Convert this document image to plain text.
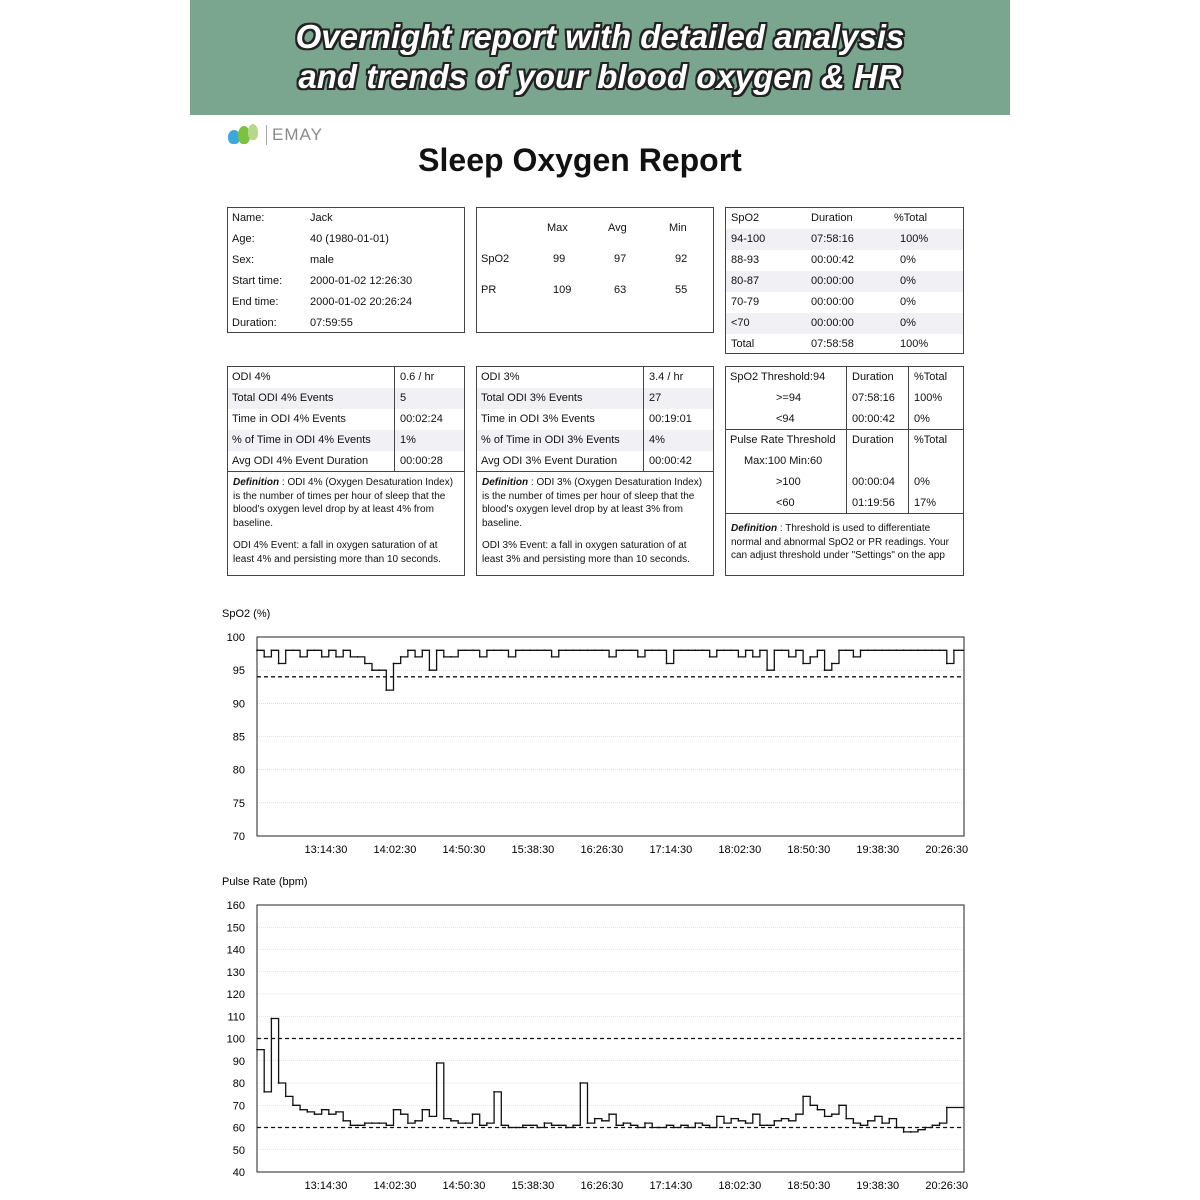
Overnight report with detailed analysis
and trends of your blood oxygen & HR
EMAY
Sleep Oxygen Report
Name:	Jack
Age:	40 (1980-01-01)
Sex:	male
Start time:	2000-01-02 12:26:30
End time:	2000-01-02 20:26:24
Duration:	07:59:55
Max	Avg	Min
SpO2	99	97	92
PR	109	63	55
SpO2	Duration	%Total
94-100	07:58:16	100%
88-93	00:00:42	0%
80-87	00:00:00	0%
70-79	00:00:00	0%
<70	00:00:00	0%
Total	07:58:58	100%
ODI 4%	0.6 / hr
Total ODI 4% Events	5
Time in ODI 4% Events	00:02:24
% of Time in ODI 4% Events	1%
Avg ODI 4% Event Duration	00:00:28

Definition : ODI 4% (Oxygen Desaturation Index) is the number of times per hour of sleep that the blood's oxygen level drop by at least 4% from baseline.

ODI 4% Event: a fall in oxygen saturation of at least 4% and persisting more than 10 seconds.

ODI 3%	3.4 / hr
Total ODI 3% Events	27
Time in ODI 3% Events	00:19:01
% of Time in ODI 3% Events	4%
Avg ODI 3% Event Duration	00:00:42

Definition : ODI 3% (Oxygen Desaturation Index) is the number of times per hour of sleep that the blood's oxygen level drop by at least 3% from baseline.

ODI 3% Event: a fall in oxygen saturation of at least 3% and persisting more than 10 seconds.

SpO2 Threshold:94 Duration %Total
>=94	07:58:16 100%
<94	00:00:42 0%
Pulse Rate Threshold Duration %Total
Max:100 Min:60
>100	00:00:04 0%
<60	01:19:56 17%

Definition : Threshold is used to differentiate normal and abnormal SpO2 or PR readings. Your can adjust threshold under "Settings" on the app

SpO2 (%)
100
95
90
85
80
75
70
13:14:30 14:02:30 14:50:30 15:38:30 16:26:30 17:14:30 18:02:30 18:50:30 19:38:30 20:26:30
Pulse Rate (bpm)
160
150
140
130
120
110
100
90
80
70
60
50
40
13:14:30 14:02:30 14:50:30 15:38:30 16:26:30 17:14:30 18:02:30 18:50:30 19:38:30 20:26:30
